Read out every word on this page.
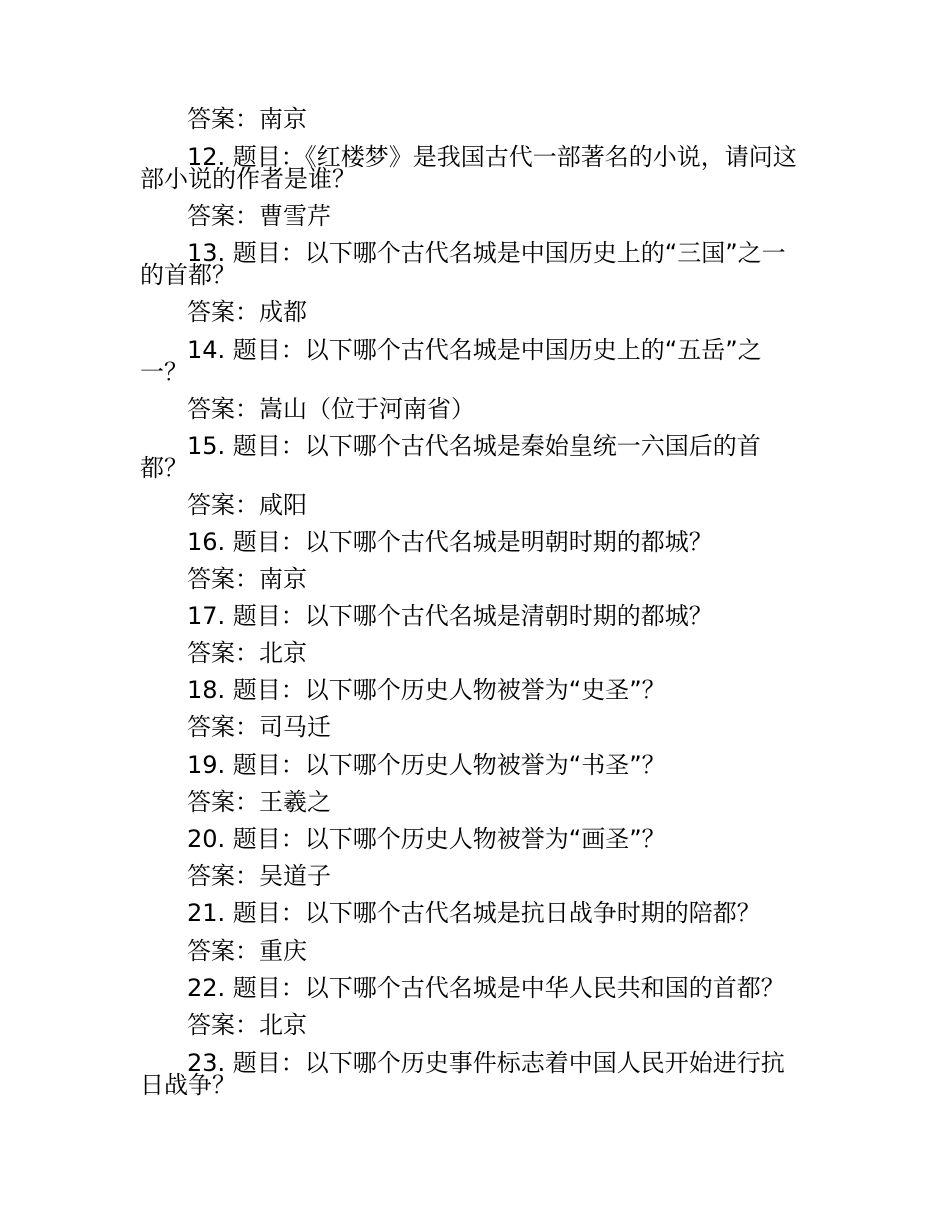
答案：南京

12. 题目：《红楼梦》是我国古代一部著名的小说，请问这部小说的作者是谁？

答案：曹雪芹

13. 题目：以下哪个古代名城是中国历史上的“三国”之一的首都？

答案：成都

14. 题目：以下哪个古代名城是中国历史上的“五岳”之一？

答案：嵩山（位于河南省）

15. 题目：以下哪个古代名城是秦始皇统一六国后的首都？

答案：咸阳

16. 题目：以下哪个古代名城是明朝时期的都城？

答案：南京

17. 题目：以下哪个古代名城是清朝时期的都城？

答案：北京

18. 题目：以下哪个历史人物被誉为“史圣”？

答案：司马迁

19. 题目：以下哪个历史人物被誉为“书圣”？

答案：王羲之

20. 题目：以下哪个历史人物被誉为“画圣”？

答案：吴道子

21. 题目：以下哪个古代名城是抗日战争时期的陪都？

答案：重庆

22. 题目：以下哪个古代名城是中华人民共和国的首都？

答案：北京

23. 题目：以下哪个历史事件标志着中国人民开始进行抗日战争？
